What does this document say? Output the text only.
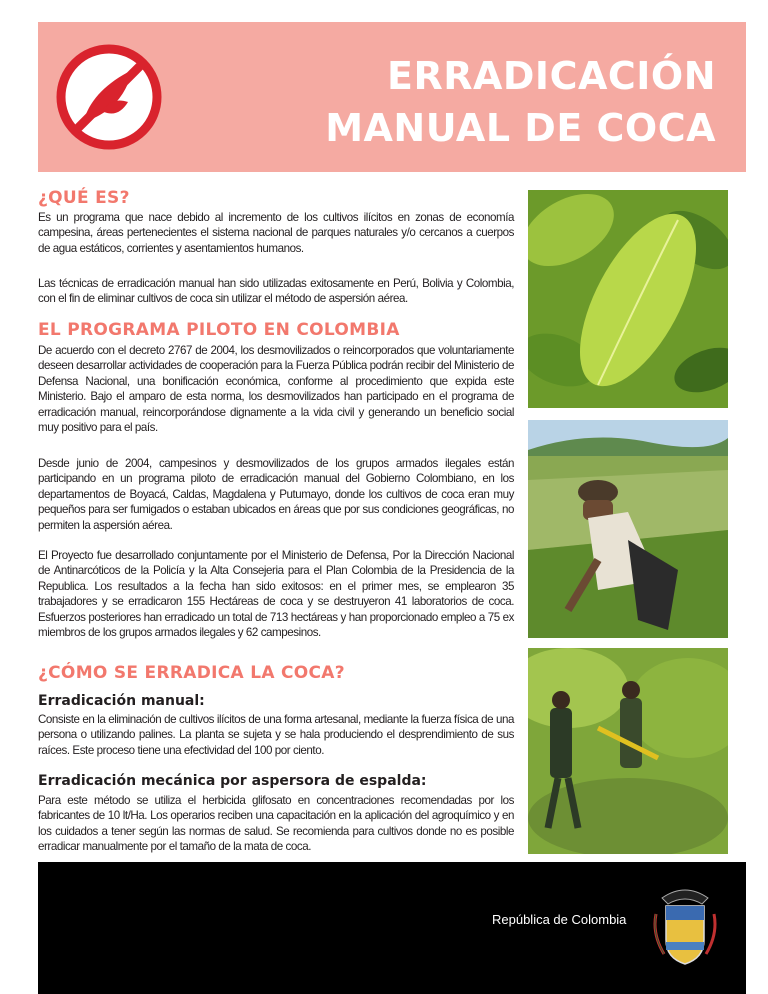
ERRADICACIÓN
MANUAL DE COCA
¿QUÉ ES?

Es un programa que nace debido al incremento de los cultivos ilícitos en zonas de economía campesina, áreas pertenecientes el sistema nacional de parques naturales y/o cercanos a cuerpos de agua estáticos, corrientes y asentamientos humanos.

Las técnicas de erradicación manual han sido utilizadas exitosamente en Perú, Bolivia y Colombia, con el fin de eliminar cultivos de coca sin utilizar el método de aspersión aérea.

EL PROGRAMA PILOTO EN COLOMBIA

De acuerdo con el decreto 2767 de 2004, los desmovilizados o reincorporados que voluntariamente deseen desarrollar actividades de cooperación para la Fuerza Pública podrán recibir del Ministerio de Defensa Nacional, una bonificación económica, conforme al procedimiento que expida este Ministerio. Bajo el amparo de esta norma, los desmovilizados han participado en el programa de erradicación manual, reincorporándose dignamente a la vida civil y generando un beneficio social muy positivo para el país.

Desde junio de 2004, campesinos y desmovilizados de los grupos armados ilegales están participando en un programa piloto de erradicación manual del Gobierno Colombiano, en los departamentos de Boyacá, Caldas, Magdalena y Putumayo, donde los cultivos de coca eran muy pequeños para ser fumigados o estaban ubicados en áreas que por sus condiciones geográficas, no permiten la aspersión aérea.

El Proyecto fue desarrollado conjuntamente por el Ministerio de Defensa, Por la Dirección Nacional de Antinarcóticos de la Policía y la Alta Consejeria para el Plan Colombia de la Presidencia de la Republica. Los resultados a la fecha han sido exitosos: en el primer mes, se emplearon 35 trabajadores y se erradicaron 155 Hectáreas de coca y se destruyeron 41 laboratorios de coca. Esfuerzos posteriores han erradicado un total de 713 hectáreas y han proporcionado empleo a 75 ex miembros de los grupos armados ilegales y 62 campesinos.

¿CÓMO SE ERRADICA LA COCA?
Erradicación manual:

Consiste en la eliminación de cultivos ilícitos de una forma artesanal, mediante la fuerza física de una persona o utilizando palines. La planta se sujeta y se hala produciendo el desprendimiento de sus raíces. Este proceso tiene una efectividad del 100 por ciento.

Erradicación mecánica por aspersora de espalda:

Para este método se utiliza el herbicida glifosato en concentraciones recomendadas por los fabricantes de 10 lt/Ha. Los operarios reciben una capacitación en la aplicación del agroquímico y en los cuidados a tener según las normas de salud. Se recomienda para cultivos donde no es posible erradicar manualmente por el tamaño de la mata de coca.

República de Colombia
